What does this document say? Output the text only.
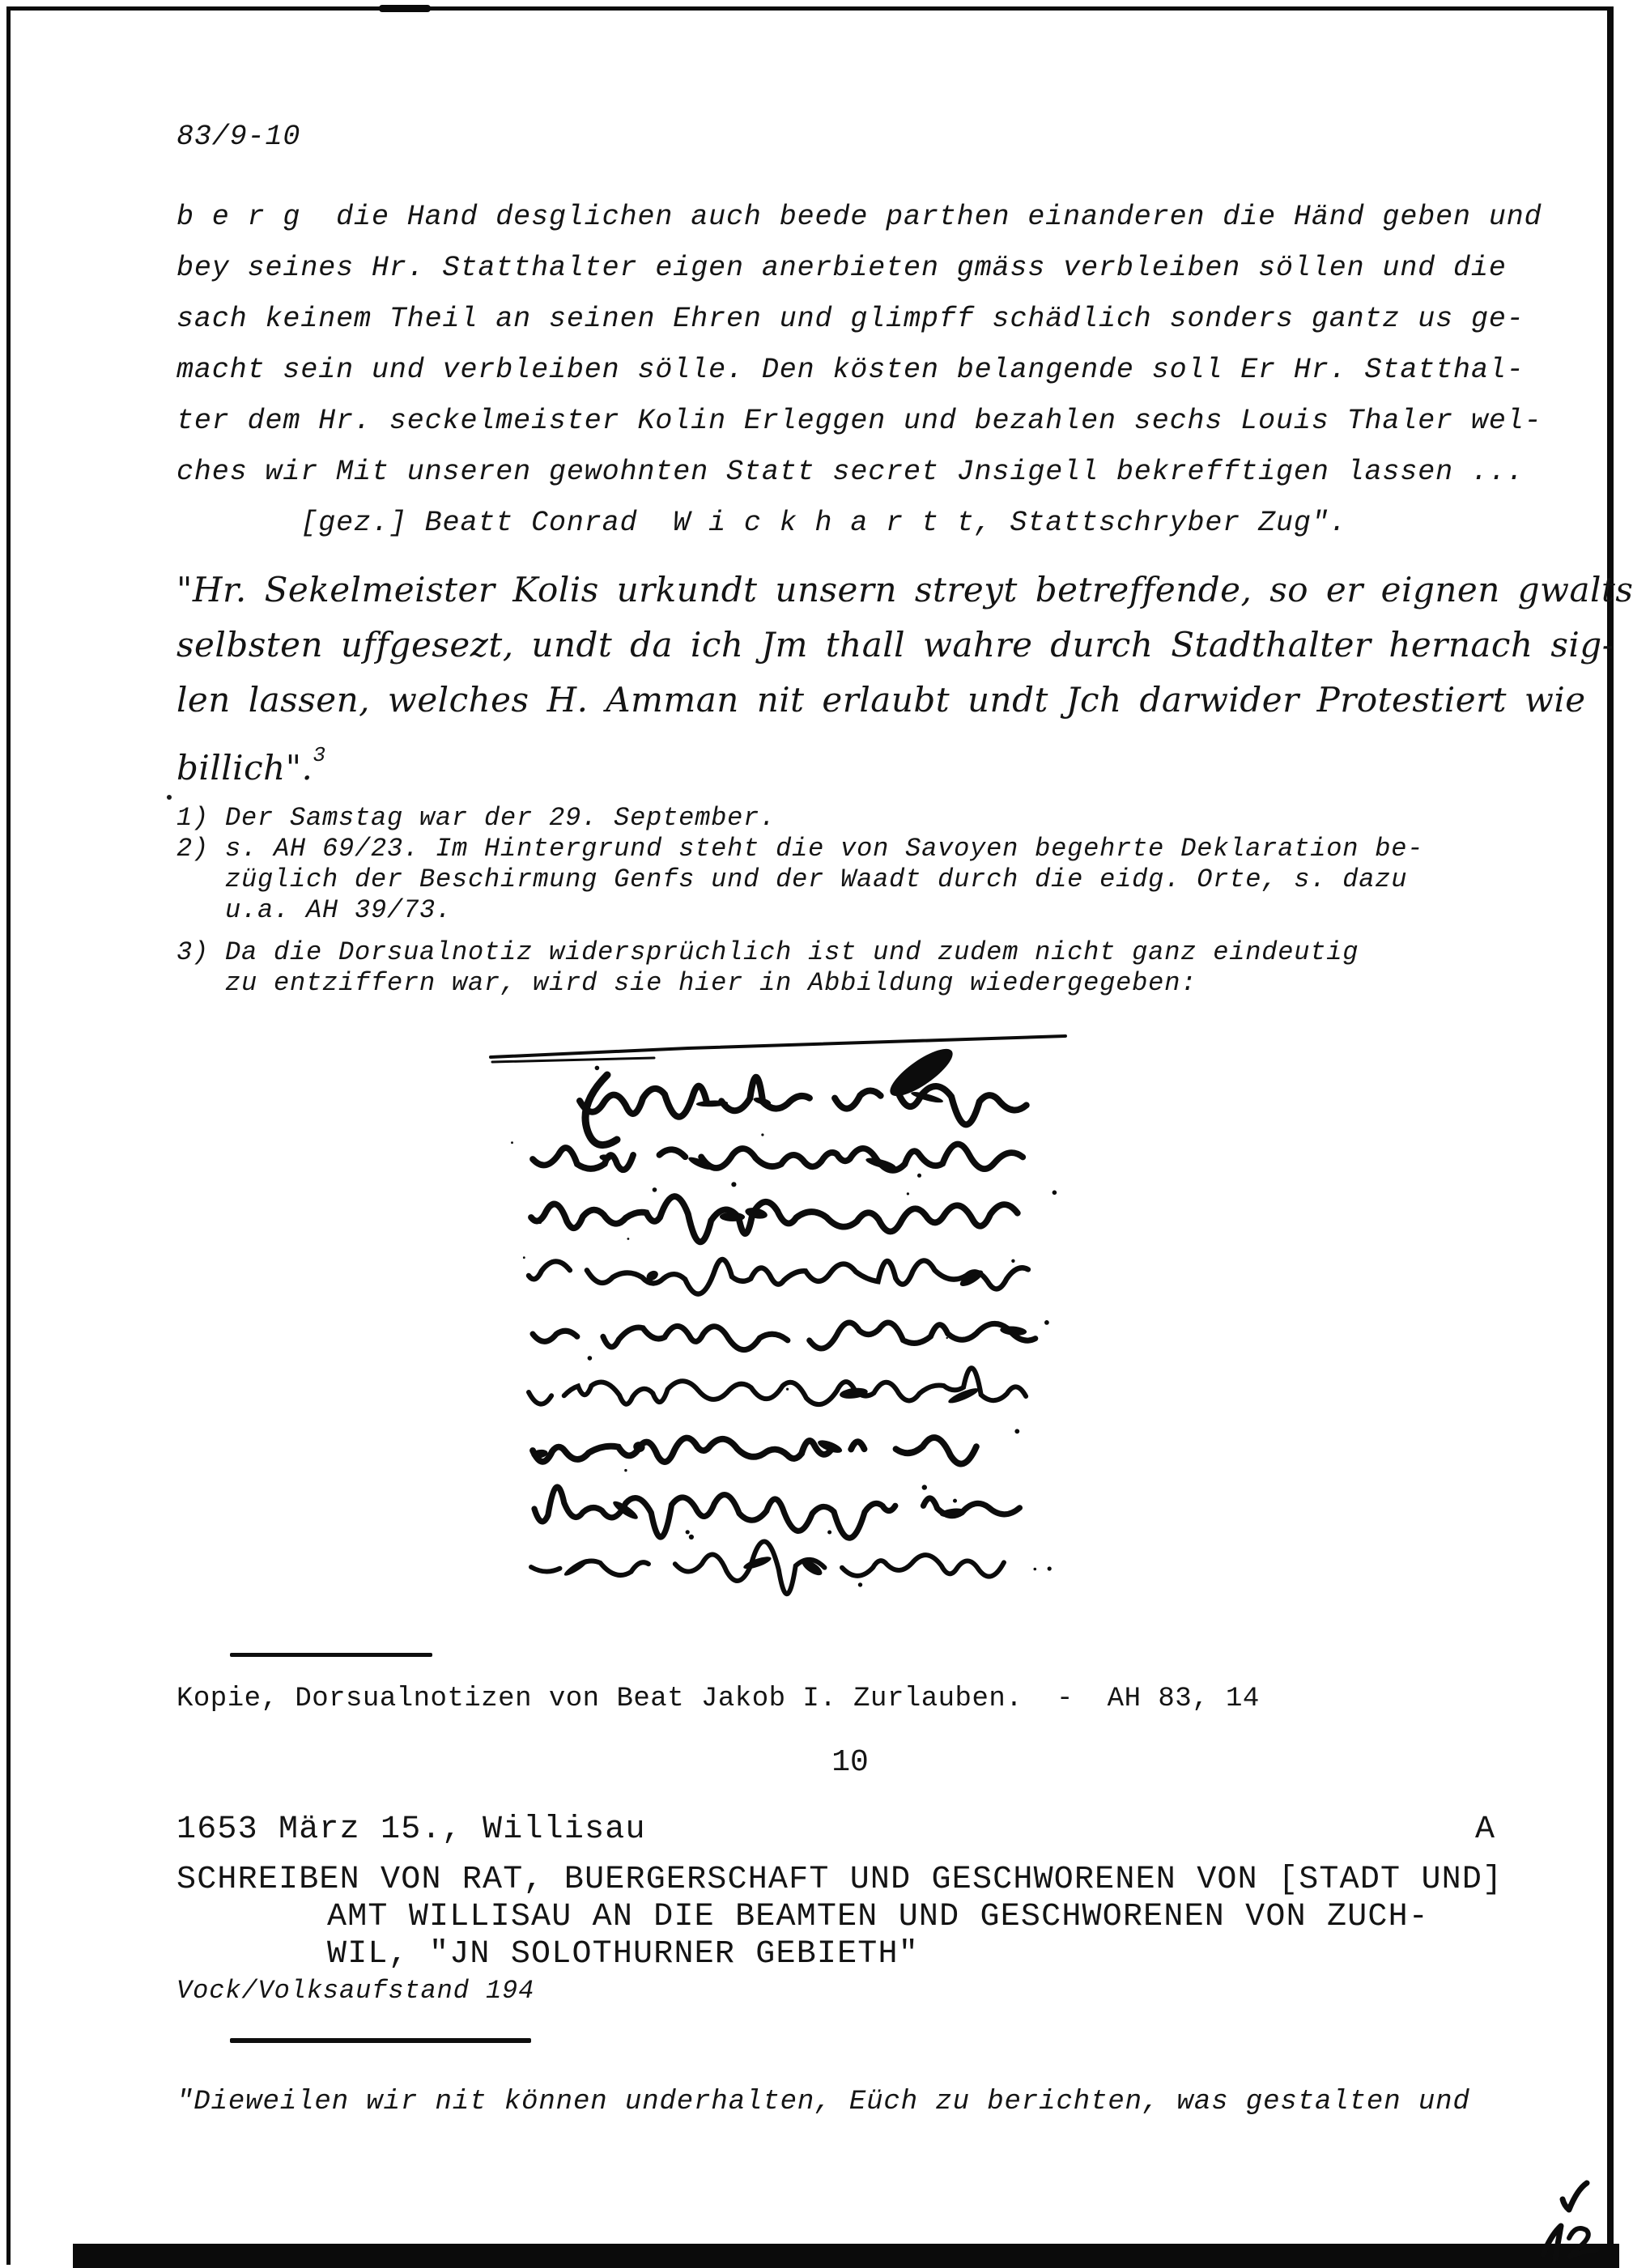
83/9-10
b e r g  die Hand desglichen auch beede parthen einanderen die Händ geben und
bey seines Hr. Statthalter eigen anerbieten gmäss verbleiben söllen und die
sach keinem Theil an seinen Ehren und glimpff schädlich sonders gantz us ge-
macht sein und verbleiben sölle. Den kösten belangende soll Er Hr. Statthal-
ter dem Hr. seckelmeister Kolin Erleggen und bezahlen sechs Louis Thaler wel-
ches wir Mit unseren gewohnten Statt secret Jnsigell bekrefftigen lassen ...
[gez.] Beatt Conrad  W i c k h a r t t, Stattschryber Zug".
"Hr. Sekelmeister Kolis urkundt unsern streyt betreffende, so er eignen gwalts
selbsten uffgesezt, undt da ich Jm thall wahre durch Stadthalter hernach sig-
len lassen, welches H. Amman nit erlaubt undt Jch darwider Protestiert wie
billich".$^3$
1) Der Samstag war der 29. September.
2) s. AH 69/23. Im Hintergrund steht die von Savoyen begehrte Deklaration be-
züglich der Beschirmung Genfs und der Waadt durch die eidg. Orte, s. dazu
u.a. AH 39/73.
3) Da die Dorsualnotiz widersprüchlich ist und zudem nicht ganz eindeutig
zu entziffern war, wird sie hier in Abbildung wiedergegeben:
Kopie, Dorsualnotizen von Beat Jakob I. Zurlauben.  -  AH 83, 14
10
1653 März 15., Willisau	A
SCHREIBEN VON RAT, BUERGERSCHAFT UND GESCHWORENEN VON [STADT UND]
AMT WILLISAU AN DIE BEAMTEN UND GESCHWORENEN VON ZUCH-
WIL, "JN SOLOTHURNER GEBIETH"
Vock/Volksaufstand 194
"Dieweilen wir nit können underhalten, Eüch zu berichten, was gestalten und	12
